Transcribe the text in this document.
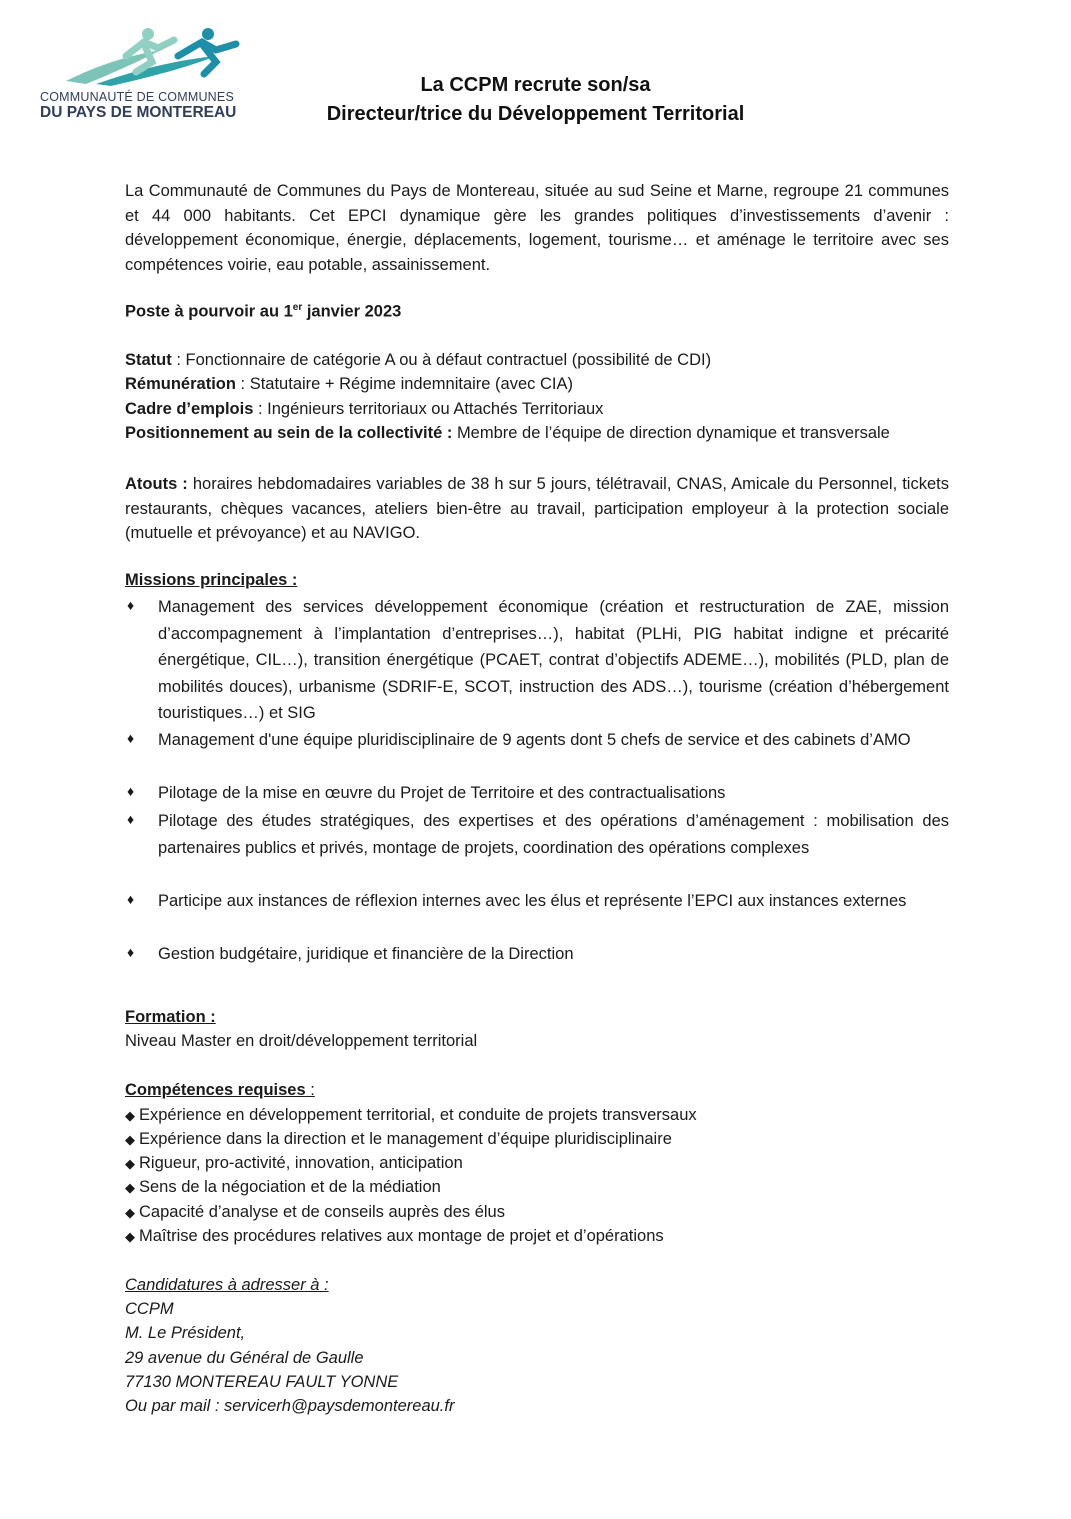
COMMUNAUTÉ DE COMMUNES
DU PAYS DE MONTEREAU
La CCPM recrute son/sa
Directeur/trice du Développement Territorial
La Communauté de Communes du Pays de Montereau, située au sud Seine et Marne, regroupe 21 communes et 44 000 habitants. Cet EPCI dynamique gère les grandes politiques d’investissements d’avenir : développement économique, énergie, déplacements, logement, tourisme… et aménage le territoire avec ses compétences voirie, eau potable, assainissement.
Poste à pourvoir au 1er janvier 2023
Statut : Fonctionnaire de catégorie A ou à défaut contractuel (possibilité de CDI)
Rémunération : Statutaire + Régime indemnitaire (avec CIA)
Cadre d’emplois : Ingénieurs territoriaux ou Attachés Territoriaux
Positionnement au sein de la collectivité : Membre de l’équipe de direction dynamique et transversale
Atouts : horaires hebdomadaires variables de 38 h sur 5 jours, télétravail, CNAS, Amicale du Personnel, tickets restaurants, chèques vacances, ateliers bien-être au travail, participation employeur à la protection sociale (mutuelle et prévoyance) et au NAVIGO.
Missions principales :
♦ Management des services développement économique (création et restructuration de ZAE, mission d’accompagnement à l’implantation d’entreprises…), habitat (PLHi, PIG habitat indigne et précarité énergétique, CIL…), transition énergétique (PCAET, contrat d’objectifs ADEME…), mobilités (PLD, plan de mobilités douces), urbanisme (SDRIF-E, SCOT, instruction des ADS…), tourisme (création d’hébergement touristiques…) et SIG
♦ Management d'une équipe pluridisciplinaire de 9 agents dont 5 chefs de service et des cabinets d’AMO
♦ Pilotage de la mise en œuvre du Projet de Territoire et des contractualisations
♦ Pilotage des études stratégiques, des expertises et des opérations d’aménagement : mobilisation des partenaires publics et privés, montage de projets, coordination des opérations complexes
♦ Participe aux instances de réflexion internes avec les élus et représente l’EPCI aux instances externes
♦ Gestion budgétaire, juridique et financière de la Direction
Formation :
Niveau Master en droit/développement territorial
Compétences requises :
◆ Expérience en développement territorial, et conduite de projets transversaux
◆ Expérience dans la direction et le management d’équipe pluridisciplinaire
◆ Rigueur, pro-activité, innovation, anticipation
◆ Sens de la négociation et de la médiation
◆ Capacité d’analyse et de conseils auprès des élus
◆ Maîtrise des procédures relatives aux montage de projet et d’opérations
Candidatures à adresser à :
CCPM
M. Le Président,
29 avenue du Général de Gaulle
77130 MONTEREAU FAULT YONNE
Ou par mail : servicerh@paysdemontereau.fr
